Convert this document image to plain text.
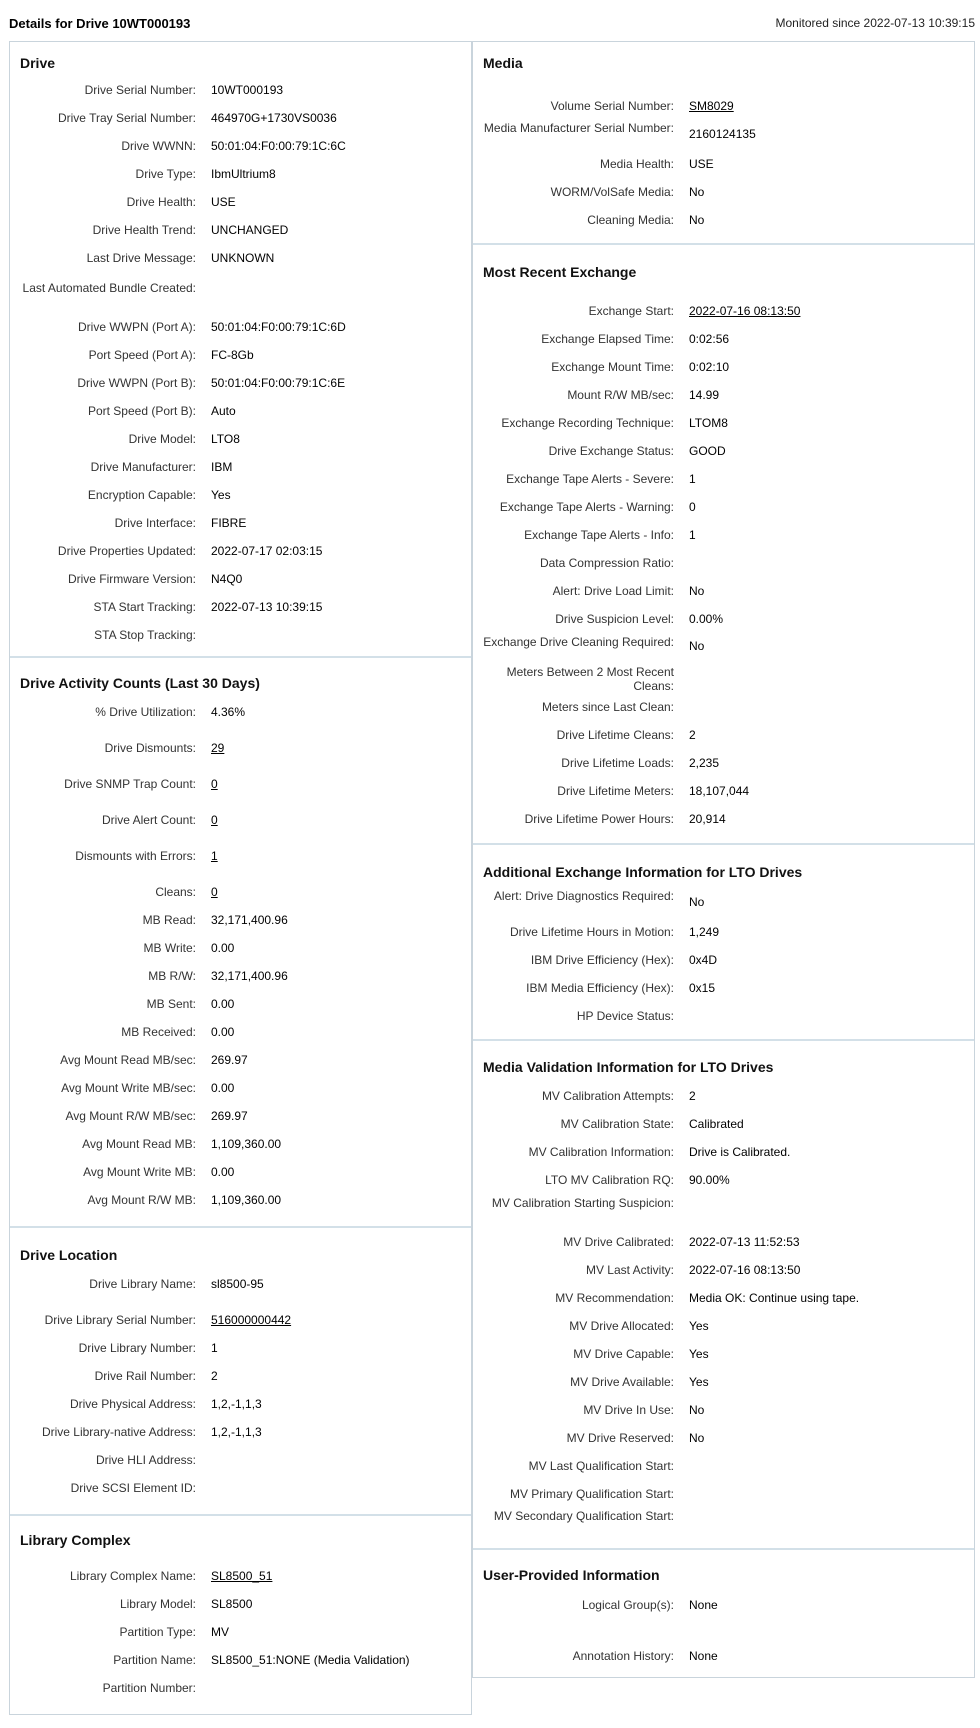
Details for Drive 10WT000193	Monitored since 2022-07-13 10:39:15
Drive
Drive Serial Number: 10WT000193
Drive Tray Serial Number: 464970G+1730VS0036
Drive WWNN: 50:01:04:F0:00:79:1C:6C
Drive Type: IbmUltrium8
Drive Health: USE
Drive Health Trend: UNCHANGED
Last Drive Message: UNKNOWN
Last Automated Bundle Created:
Drive WWPN (Port A): 50:01:04:F0:00:79:1C:6D
Port Speed (Port A): FC-8Gb
Drive WWPN (Port B): 50:01:04:F0:00:79:1C:6E
Port Speed (Port B): Auto
Drive Model: LTO8
Drive Manufacturer: IBM
Encryption Capable: Yes
Drive Interface: FIBRE
Drive Properties Updated: 2022-07-17 02:03:15
Drive Firmware Version: N4Q0
STA Start Tracking: 2022-07-13 10:39:15
STA Stop Tracking:
Drive Activity Counts (Last 30 Days)
% Drive Utilization: 4.36%
Drive Dismounts: 29
Drive SNMP Trap Count: 0
Drive Alert Count: 0
Dismounts with Errors: 1
Cleans: 0
MB Read: 32,171,400.96
MB Write: 0.00
MB R/W: 32,171,400.96
MB Sent: 0.00
MB Received: 0.00
Avg Mount Read MB/sec: 269.97
Avg Mount Write MB/sec: 0.00
Avg Mount R/W MB/sec: 269.97
Avg Mount Read MB: 1,109,360.00
Avg Mount Write MB: 0.00
Avg Mount R/W MB: 1,109,360.00
Drive Location
Drive Library Name: sl8500-95
Drive Library Serial Number: 516000000442
Drive Library Number: 1
Drive Rail Number: 2
Drive Physical Address: 1,2,-1,1,3
Drive Library-native Address: 1,2,-1,1,3
Drive HLI Address:
Drive SCSI Element ID:
Library Complex
Library Complex Name: SL8500_51
Library Model: SL8500
Partition Type: MV
Partition Name: SL8500_51:NONE (Media Validation)
Partition Number:
Media
Volume Serial Number: SM8029
Media Manufacturer Serial Number: 2160124135
Media Health: USE
WORM/VolSafe Media: No
Cleaning Media: No
Most Recent Exchange
Exchange Start: 2022-07-16 08:13:50
Exchange Elapsed Time: 0:02:56
Exchange Mount Time: 0:02:10
Mount R/W MB/sec: 14.99
Exchange Recording Technique: LTOM8
Drive Exchange Status: GOOD
Exchange Tape Alerts - Severe: 1
Exchange Tape Alerts - Warning: 0
Exchange Tape Alerts - Info: 1
Data Compression Ratio:
Alert: Drive Load Limit: No
Drive Suspicion Level: 0.00%
Exchange Drive Cleaning Required: No
Meters Between 2 Most Recent Cleans:
Meters since Last Clean:
Drive Lifetime Cleans: 2
Drive Lifetime Loads: 2,235
Drive Lifetime Meters: 18,107,044
Drive Lifetime Power Hours: 20,914
Additional Exchange Information for LTO Drives
Alert: Drive Diagnostics Required: No
Drive Lifetime Hours in Motion: 1,249
IBM Drive Efficiency (Hex): 0x4D
IBM Media Efficiency (Hex): 0x15
HP Device Status:
Media Validation Information for LTO Drives
MV Calibration Attempts: 2
MV Calibration State: Calibrated
MV Calibration Information: Drive is Calibrated.
LTO MV Calibration RQ: 90.00%
MV Calibration Starting Suspicion:
MV Drive Calibrated: 2022-07-13 11:52:53
MV Last Activity: 2022-07-16 08:13:50
MV Recommendation: Media OK: Continue using tape.
MV Drive Allocated: Yes
MV Drive Capable: Yes
MV Drive Available: Yes
MV Drive In Use: No
MV Drive Reserved: No
MV Last Qualification Start:
MV Primary Qualification Start:
MV Secondary Qualification Start:
User-Provided Information
Logical Group(s): None
Annotation History: None
